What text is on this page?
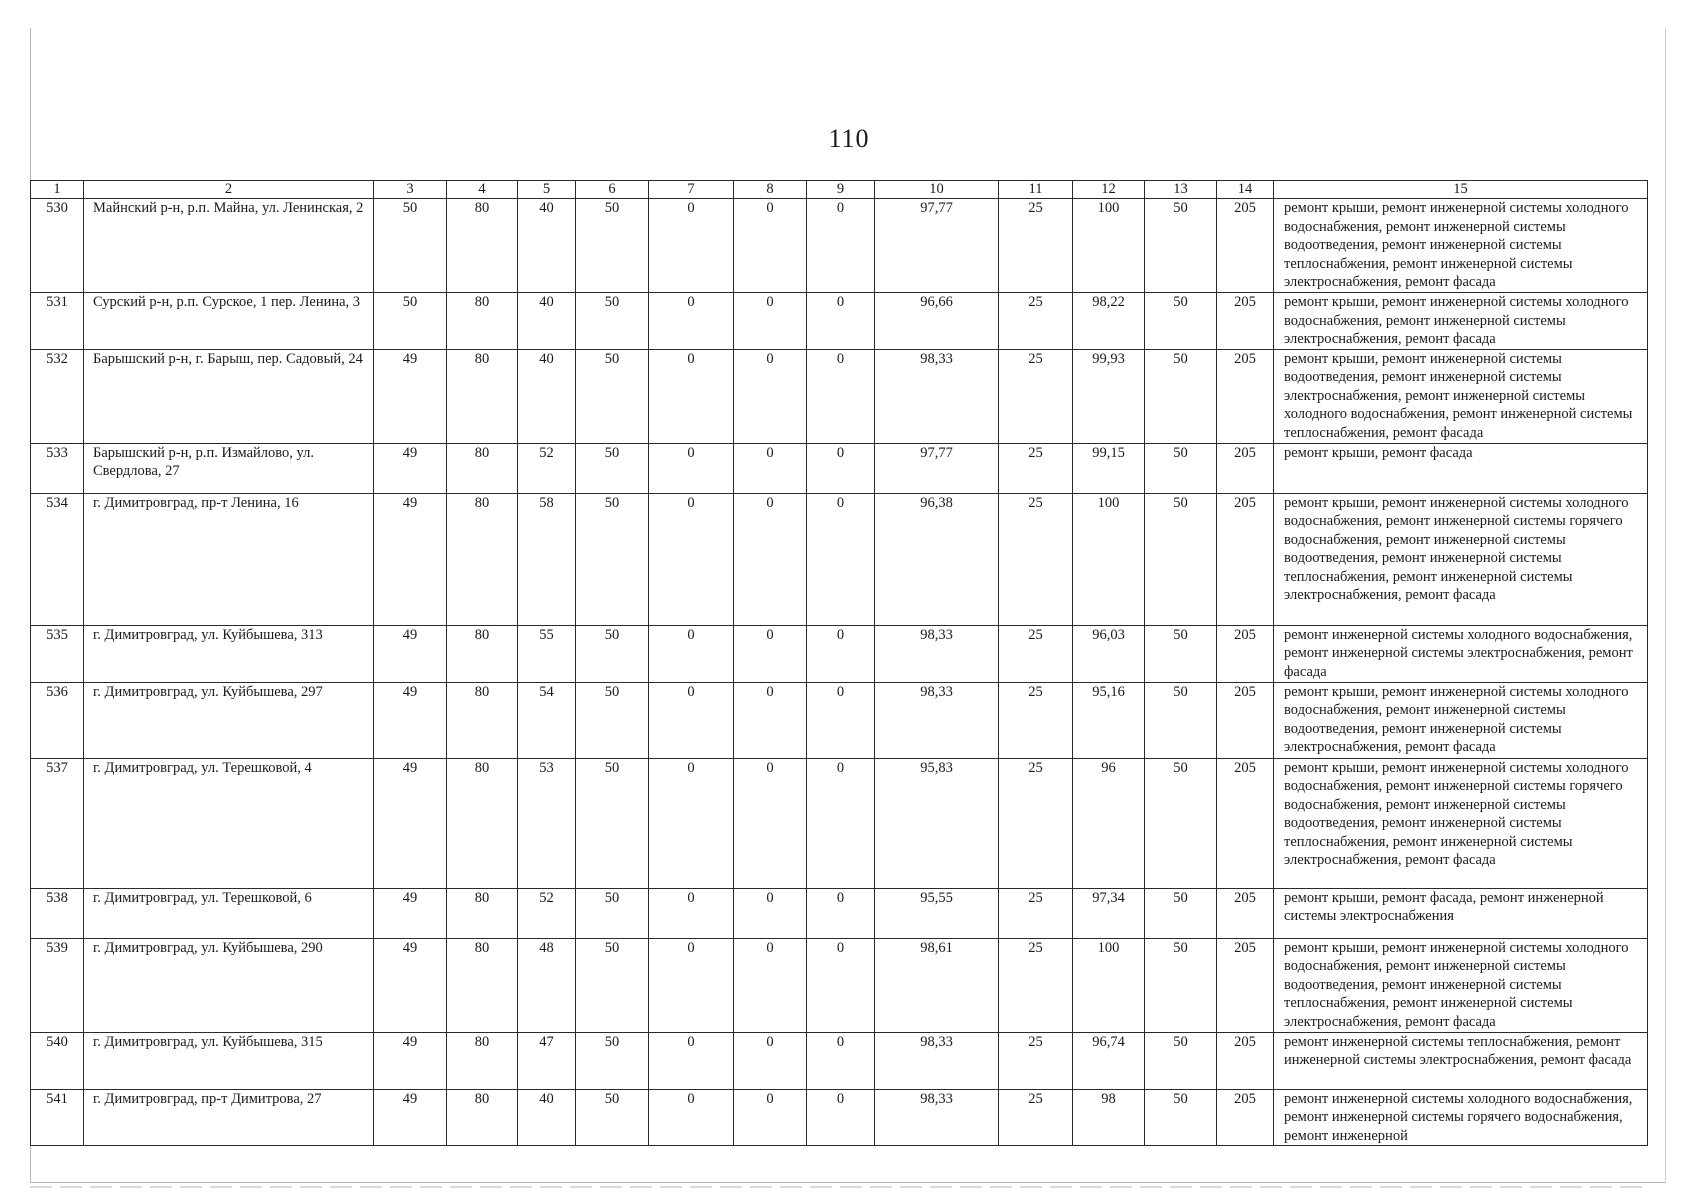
110
1	2	3	4	5	6	7	8	9	10	11	12	13	14	15
530	Майнский р-н, р.п. Майна, ул. Ленинская, 2	50	80	40	50	0	0	0	97,77	25	100	50	205	ремонт крыши, ремонт инженерной системы холодного водоснабжения, ремонт инженерной системы водоотведения, ремонт инженерной системы теплоснабжения, ремонт инженерной системы электроснабжения, ремонт фасада
531	Сурский р-н, р.п. Сурское, 1 пер. Ленина, 3	50	80	40	50	0	0	0	96,66	25	98,22	50	205	ремонт крыши, ремонт инженерной системы холодного водоснабжения, ремонт инженерной системы электроснабжения, ремонт фасада
532	Барышский р-н, г. Барыш, пер. Садовый, 24	49	80	40	50	0	0	0	98,33	25	99,93	50	205	ремонт крыши, ремонт инженерной системы водоотведения, ремонт инженерной системы электроснабжения, ремонт инженерной системы холодного водоснабжения, ремонт инженерной системы теплоснабжения, ремонт фасада
533	Барышский р-н, р.п. Измайлово, ул. Свердлова, 27	49	80	52	50	0	0	0	97,77	25	99,15	50	205	ремонт крыши, ремонт фасада
534	г. Димитровград, пр-т Ленина, 16	49	80	58	50	0	0	0	96,38	25	100	50	205	ремонт крыши, ремонт инженерной системы холодного водоснабжения, ремонт инженерной системы горячего водоснабжения, ремонт инженерной системы водоотведения, ремонт инженерной системы теплоснабжения, ремонт инженерной системы электроснабжения, ремонт фасада
535	г. Димитровград, ул. Куйбышева, 313	49	80	55	50	0	0	0	98,33	25	96,03	50	205	ремонт инженерной системы холодного водоснабжения, ремонт инженерной системы электроснабжения, ремонт фасада
536	г. Димитровград, ул. Куйбышева, 297	49	80	54	50	0	0	0	98,33	25	95,16	50	205	ремонт крыши, ремонт инженерной системы холодного водоснабжения, ремонт инженерной системы водоотведения, ремонт инженерной системы электроснабжения, ремонт фасада
537	г. Димитровград, ул. Терешковой, 4	49	80	53	50	0	0	0	95,83	25	96	50	205	ремонт крыши, ремонт инженерной системы холодного водоснабжения, ремонт инженерной системы горячего водоснабжения, ремонт инженерной системы водоотведения, ремонт инженерной системы теплоснабжения, ремонт инженерной системы электроснабжения, ремонт фасада
538	г. Димитровград, ул. Терешковой, 6	49	80	52	50	0	0	0	95,55	25	97,34	50	205	ремонт крыши, ремонт фасада, ремонт инженерной системы электроснабжения
539	г. Димитровград, ул. Куйбышева, 290	49	80	48	50	0	0	0	98,61	25	100	50	205	ремонт крыши, ремонт инженерной системы холодного водоснабжения, ремонт инженерной системы водоотведения, ремонт инженерной системы теплоснабжения, ремонт инженерной системы электроснабжения, ремонт фасада
540	г. Димитровград, ул. Куйбышева, 315	49	80	47	50	0	0	0	98,33	25	96,74	50	205	ремонт инженерной системы теплоснабжения, ремонт инженерной системы электроснабжения, ремонт фасада
541	г. Димитровград, пр-т Димитрова, 27	49	80	40	50	0	0	0	98,33	25	98	50	205	ремонт инженерной системы холодного водоснабжения, ремонт инженерной системы горячего водоснабжения, ремонт инженерной
